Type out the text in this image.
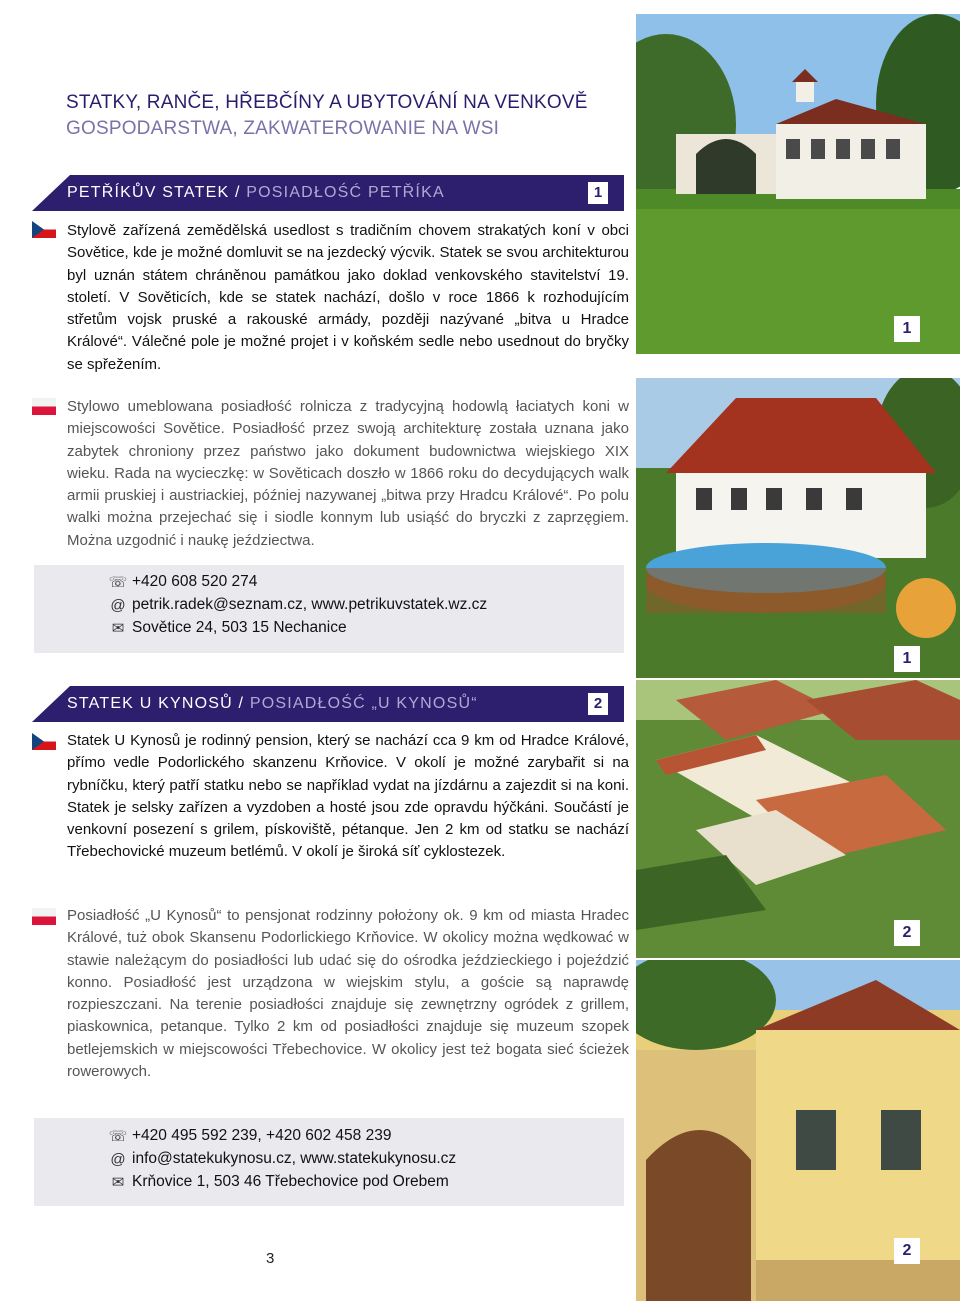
STATKY, RANČE, HŘEBČÍNY A UBYTOVÁNÍ NA VENKOVĚ
GOSPODARSTWA, ZAKWATEROWANIE NA WSI
PETŘÍKŮV STATEK / POSIADŁOŚĆ PETŘÍKA	1
Stylově zařízená zemědělská usedlost s tradičním chovem strakatých koní v obci Sovětice, kde je možné domluvit se na jezdecký výcvik. Statek se svou architekturou byl uznán státem chráněnou památkou jako doklad venkovského stavitelství 19. století. V Sověticích, kde se statek nachází, došlo v roce 1866 k rozhodujícím střetům vojsk pruské a rakouské armády, později nazývané „bitva u Hradce Králové“. Válečné pole je možné projet i v koňském sedle nebo usednout do bryčky se spřežením.
Stylowo umeblowana posiadłość rolnicza z tradycyjną hodowlą łaciatych koni w miejscowości Sovětice. Posiadłość przez swoją architekturę została uznana jako zabytek chroniony przez państwo jako dokument budownictwa wiejskiego XIX wieku. Rada na wycieczkę: w Sověticach doszło w 1866 roku do decydujących walk armii pruskiej i austriackiej, później nazywanej „bitwa przy Hradcu Králové“. Po polu walki można przejechać się i siodle konnym lub usiąść do bryczki z zaprzęgiem. Można uzgodnić i naukę jeździectwa.
☏ +420 608 520 274
@ petrik.radek@seznam.cz, www.petrikuvstatek.wz.cz
✉ Sovětice 24, 503 15 Nechanice
STATEK U KYNOSŮ / POSIADŁOŚĆ „U KYNOSŮ“	2
Statek U Kynosů je rodinný pension, který se nachází cca 9 km od Hradce Králové, přímo vedle Podorlického skanzenu Krňovice. V okolí je možné zarybařit si na rybníčku, který patří statku nebo se například vydat na jízdárnu a zajezdit si na koni. Statek je selsky zařízen a vyzdoben a hosté jsou zde opravdu hýčkáni. Součástí je venkovní posezení s grilem, pískoviště, pétanque. Jen 2 km od statku se nachází Třebechovické muzeum betlémů. V okolí je široká síť cyklostezek.
Posiadłość „U Kynosů“ to pensjonat rodzinny położony ok. 9 km od miasta Hradec Králové, tuż obok Skansenu Podorlickiego Krňovice. W okolicy można wędkować w stawie należącym do posiadłości lub udać się do ośrodka jeździeckiego i pojeździć konno. Posiadłość jest urządzona w wiejskim stylu, a goście są naprawdę rozpieszczani. Na terenie posiadłości znajduje się zewnętrzny ogródek z grillem, piaskownica, petanque. Tylko 2 km od posiadłości znajduje się muzeum szopek betlejemskich w miejscowości Třebechovice. W okolicy jest też bogata sieć ścieżek rowerowych.
☏ +420 495 592 239, +420 602 458 239
@ info@statekukynosu.cz, www.statekukynosu.cz
✉ Krňovice 1, 503 46 Třebechovice pod Orebem
1
1
2
2
3
